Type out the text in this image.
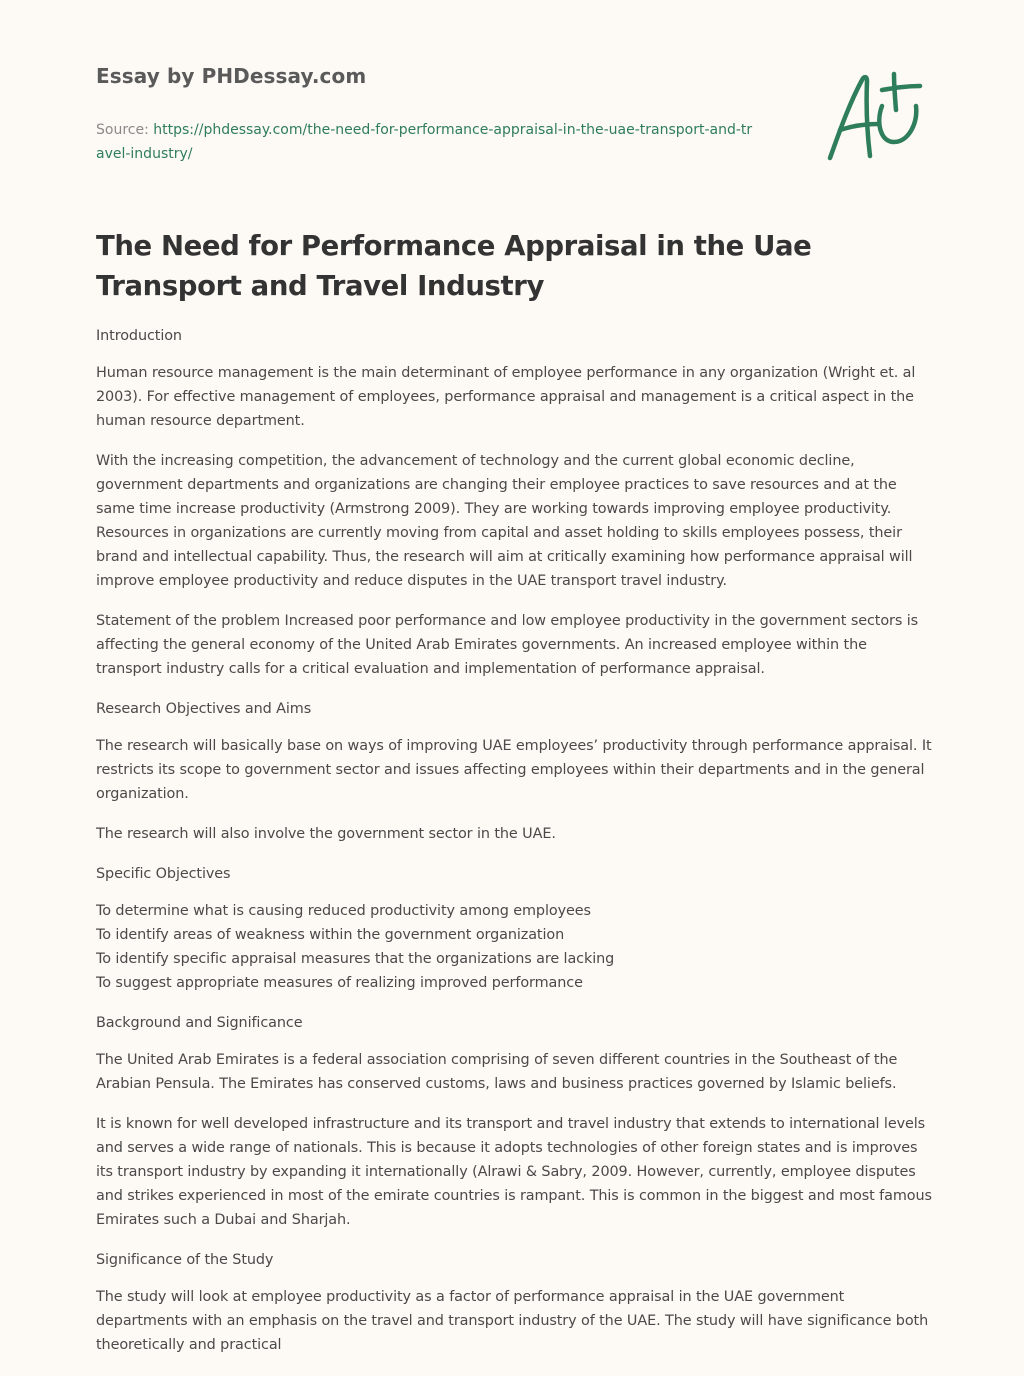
Essay by PHDessay.com

Source: https://phdessay.com/the-need-for-performance-appraisal-in-the-uae-transport-and-travel-industry/
The Need for Performance Appraisal in the Uae Transport and Travel Industry

Introduction

Human resource management is the main determinant of employee performance in any organization (Wright et. al 2003). For effective management of employees, performance appraisal and management is a critical aspect in the human resource department.

With the increasing competition, the advancement of technology and the current global economic decline, government departments and organizations are changing their employee practices to save resources and at the same time increase productivity (Armstrong 2009). They are working towards improving employee productivity. Resources in organizations are currently moving from capital and asset holding to skills employees possess, their brand and intellectual capability. Thus, the research will aim at critically examining how performance appraisal will improve employee productivity and reduce disputes in the UAE transport travel industry.

Statement of the problem Increased poor performance and low employee productivity in the government sectors is affecting the general economy of the United Arab Emirates governments. An increased employee within the transport industry calls for a critical evaluation and implementation of performance appraisal.

Research Objectives and Aims

The research will basically base on ways of improving UAE employees’ productivity through performance appraisal. It restricts its scope to government sector and issues affecting employees within their departments and in the general organization.

The research will also involve the government sector in the UAE.

Specific Objectives

To determine what is causing reduced productivity among employees
To identify areas of weakness within the government organization
To identify specific appraisal measures that the organizations are lacking
To suggest appropriate measures of realizing improved performance

Background and Significance

The United Arab Emirates is a federal association comprising of seven different countries in the Southeast of the Arabian Pensula. The Emirates has conserved customs, laws and business practices governed by Islamic beliefs.

It is known for well developed infrastructure and its transport and travel industry that extends to international levels and serves a wide range of nationals. This is because it adopts technologies of other foreign states and is improves its transport industry by expanding it internationally (Alrawi & Sabry, 2009. However, currently, employee disputes and strikes experienced in most of the emirate countries is rampant. This is common in the biggest and most famous Emirates such a Dubai and Sharjah.

Significance of the Study

The study will look at employee productivity as a factor of performance appraisal in the UAE government departments with an emphasis on the travel and transport industry of the UAE. The study will have significance both theoretically and practical
